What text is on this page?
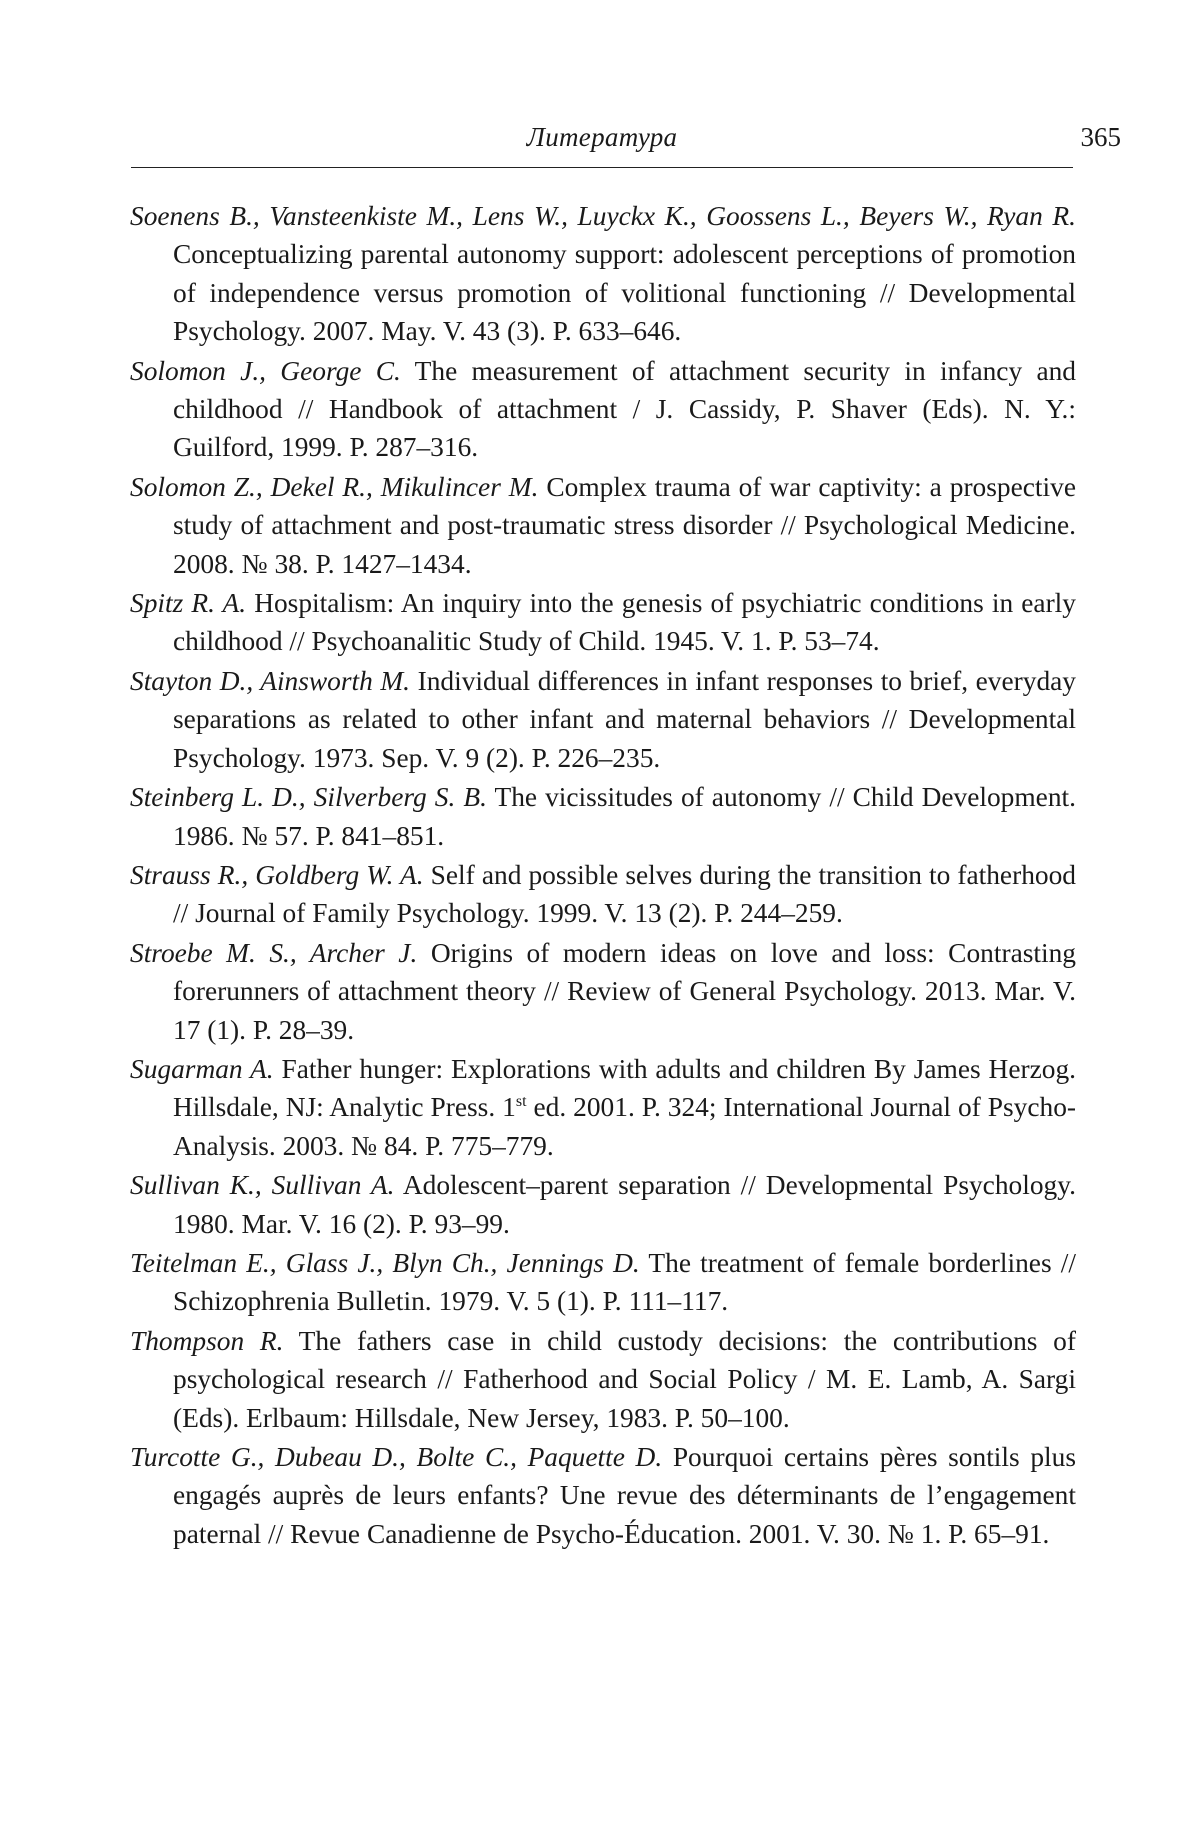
Литература	365
Soenens B., Vansteenkiste M., Lens W., Luyckx K., Goossens L., Beyers W., Ryan R. Conceptualizing parental autonomy support: adolescent perceptions of promotion of independence versus promotion of volitional functioning // Developmental Psychology. 2007. May. V. 43 (3). P. 633–646.
Solomon J., George C. The measurement of attachment security in infancy and childhood // Handbook of attachment / J. Cassidy, P. Shaver (Eds). N. Y.: Guilford, 1999. P. 287–316.
Solomon Z., Dekel R., Mikulincer M. Complex trauma of war captivity: a prospective study of attachment and post-traumatic stress disorder // Psychological Medicine. 2008. № 38. P. 1427–1434.
Spitz R. A. Hospitalism: An inquiry into the genesis of psychiatric conditions in early childhood // Psychoanalitic Study of Child. 1945. V. 1. P. 53–74.
Stayton D., Ainsworth M. Individual differences in infant responses to brief, everyday separations as related to other infant and maternal behaviors // Developmental Psychology. 1973. Sep. V. 9 (2). P. 226–235.
Steinberg L. D., Silverberg S. B. The vicissitudes of autonomy // Child Development. 1986. № 57. P. 841–851.
Strauss R., Goldberg W. A. Self and possible selves during the transition to fatherhood // Journal of Family Psychology. 1999. V. 13 (2). P. 244–259.
Stroebe M. S., Archer J. Origins of modern ideas on love and loss: Contrasting forerunners of attachment theory // Review of General Psychology. 2013. Mar. V. 17 (1). P. 28–39.
Sugarman A. Father hunger: Explorations with adults and children By James Herzog. Hillsdale, NJ: Analytic Press. 1st ed. 2001. P. 324; International Journal of Psycho-Analysis. 2003. № 84. P. 775–779.
Sullivan K., Sullivan A. Adolescent–parent separation // Developmental Psychology. 1980. Mar. V. 16 (2). P. 93–99.
Teitelman E., Glass J., Blyn Ch., Jennings D. The treatment of female borderlines // Schizophrenia Bulletin. 1979. V. 5 (1). P. 111–117.
Thompson R. The fathers case in child custody decisions: the contributions of psychological research // Fatherhood and Social Policy / M. E. Lamb, A. Sargi (Eds). Erlbaum: Hillsdale, New Jersey, 1983. P. 50–100.
Turcotte G., Dubeau D., Bolte C., Paquette D. Pourquoi certains pères sontils plus engagés auprès de leurs enfants? Une revue des déterminants de l’engagement paternal // Revue Canadienne de Psycho-Éducation. 2001. V. 30. № 1. P. 65–91.
